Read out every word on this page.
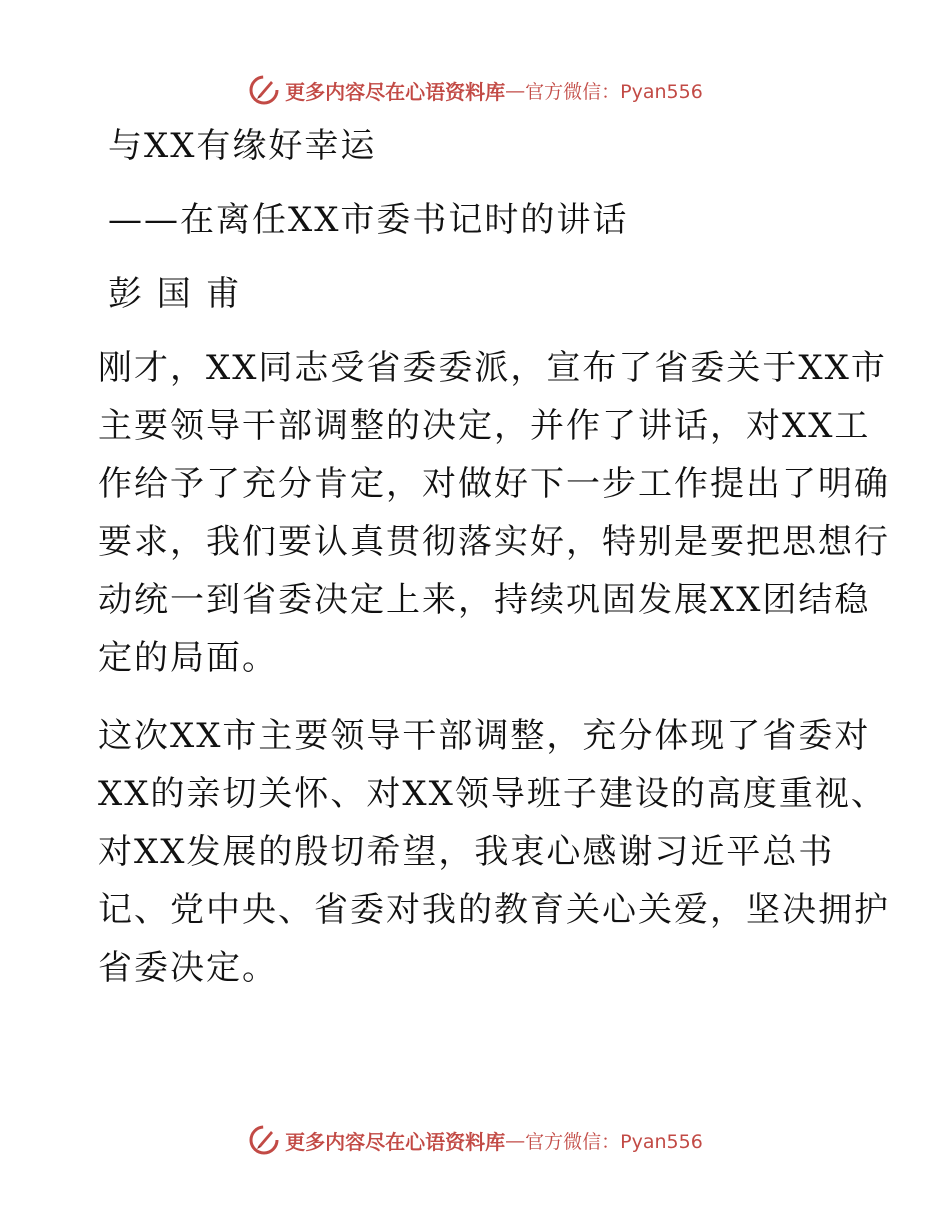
更多内容尽在心语资料库 — 官方微信：Pyan556
与XX有缘好幸运
——在离任XX市委书记时的讲话
彭 国 甫
刚才，XX同志受省委委派，宣布了省委关于XX市
主要领导干部调整的决定，并作了讲话，对XX工
作给予了充分肯定，对做好下一步工作提出了明确
要求，我们要认真贯彻落实好，特别是要把思想行
动统一到省委决定上来，持续巩固发展XX团结稳
定的局面。
这次XX市主要领导干部调整，充分体现了省委对
XX的亲切关怀、对XX领导班子建设的高度重视、
对XX发展的殷切希望，我衷心感谢习近平总书
记、党中央、省委对我的教育关心关爱，坚决拥护
省委决定。
更多内容尽在心语资料库 — 官方微信：Pyan556
